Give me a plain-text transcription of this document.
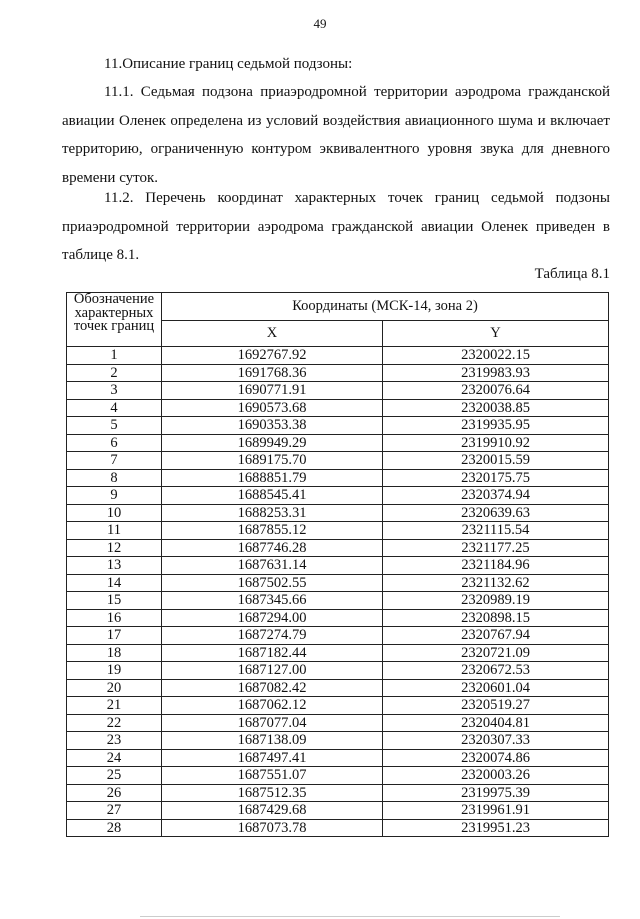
49
11.Описание границ седьмой подзоны:

11.1. Седьмая подзона приаэродромной территории аэродрома гражданской авиации Оленек определена из условий воздействия авиационного шума и включает территорию, ограниченную контуром эквивалентного уровня звука для дневного времени суток.

11.2. Перечень координат характерных точек границ седьмой подзоны приаэродромной территории аэродрома гражданской авиации Оленек приведен в таблице 8.1.

Таблица 8.1
Обозначение характерных точек границ	Координаты (МСК-14, зона 2)	
	X	Y
1	1692767.92	2320022.15
2	1691768.36	2319983.93
3	1690771.91	2320076.64
4	1690573.68	2320038.85
5	1690353.38	2319935.95
6	1689949.29	2319910.92
7	1689175.70	2320015.59
8	1688851.79	2320175.75
9	1688545.41	2320374.94
10	1688253.31	2320639.63
11	1687855.12	2321115.54
12	1687746.28	2321177.25
13	1687631.14	2321184.96
14	1687502.55	2321132.62
15	1687345.66	2320989.19
16	1687294.00	2320898.15
17	1687274.79	2320767.94
18	1687182.44	2320721.09
19	1687127.00	2320672.53
20	1687082.42	2320601.04
21	1687062.12	2320519.27
22	1687077.04	2320404.81
23	1687138.09	2320307.33
24	1687497.41	2320074.86
25	1687551.07	2320003.26
26	1687512.35	2319975.39
27	1687429.68	2319961.91
28	1687073.78	2319951.23
